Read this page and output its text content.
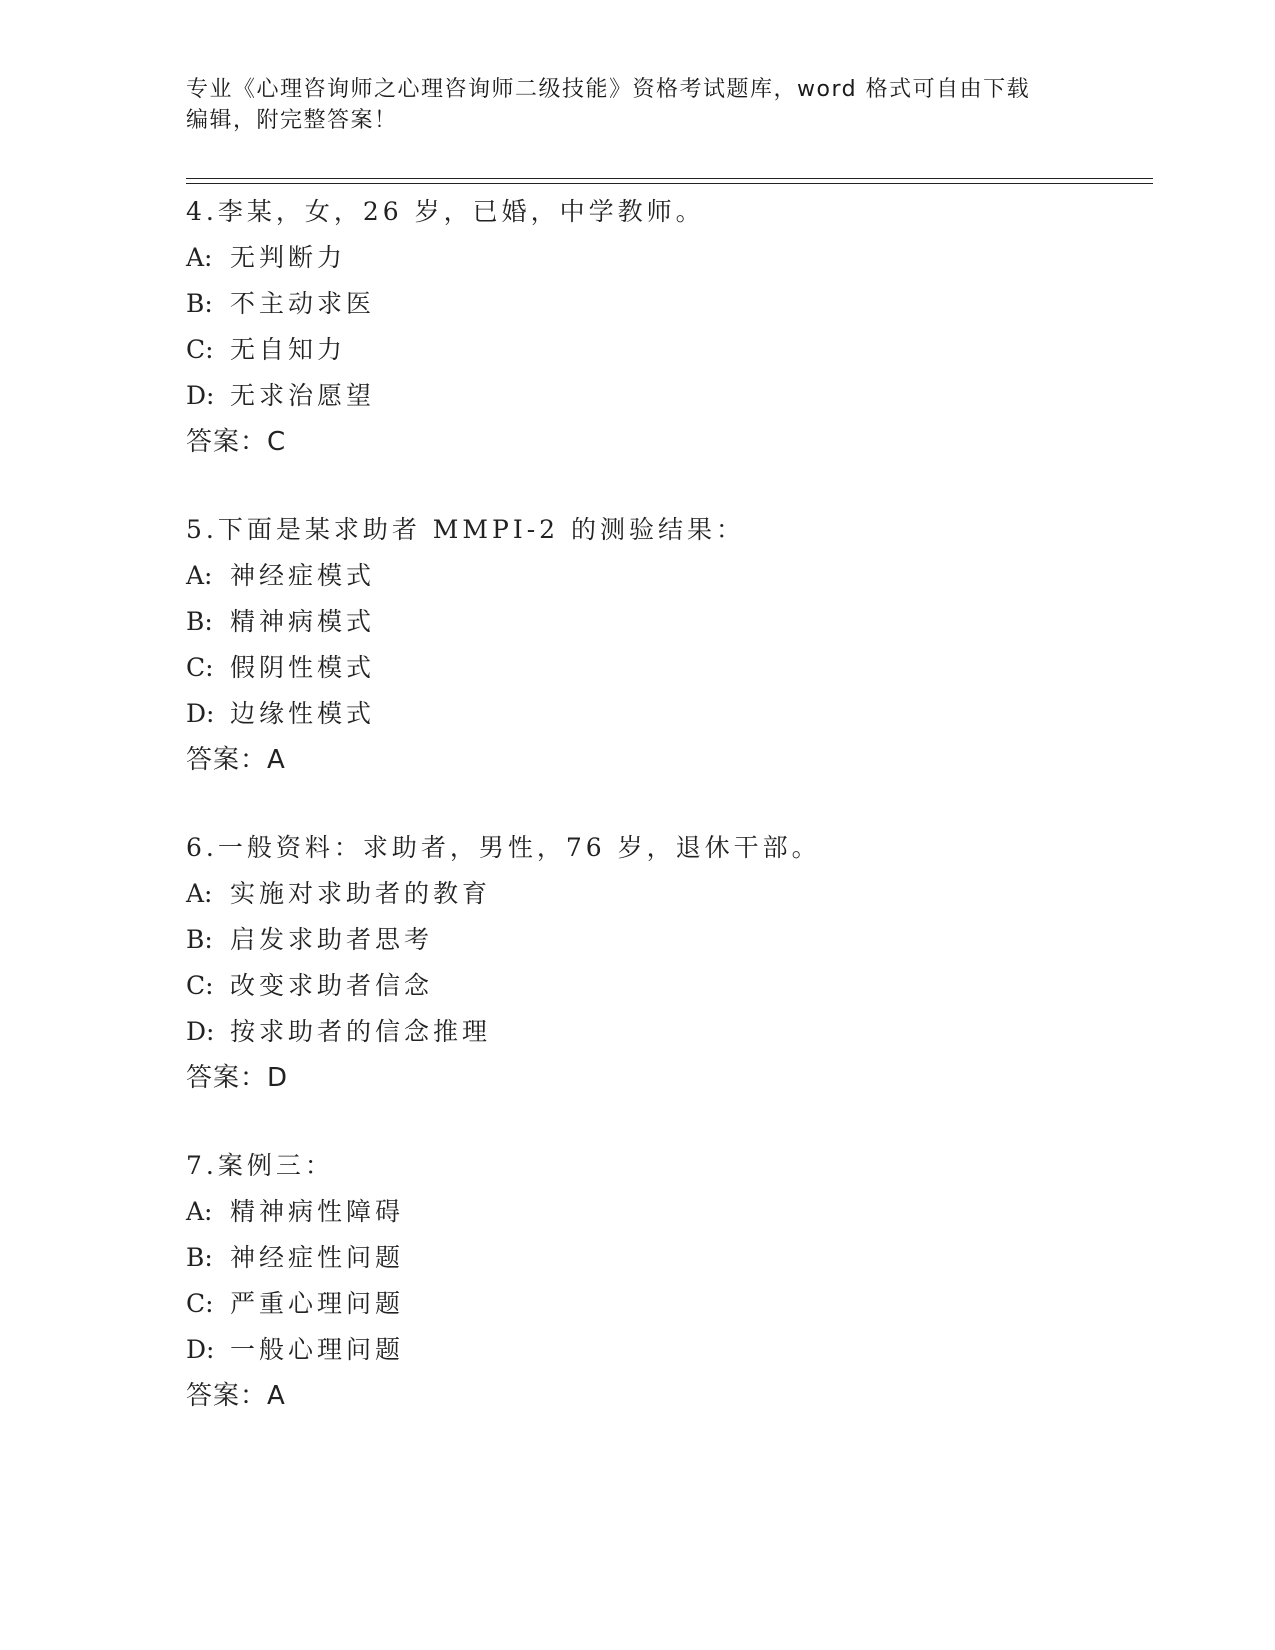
专业《心理咨询师之心理咨询师二级技能》资格考试题库，word 格式可自由下载
编辑，附完整答案！
4.李某，女，26 岁，已婚，中学教师。
A: 无判断力
B: 不主动求医
C: 无自知力
D: 无求治愿望
答案：C
5.下面是某求助者 MMPI-2 的测验结果：
A: 神经症模式
B: 精神病模式
C: 假阴性模式
D: 边缘性模式
答案：A
6.一般资料：求助者，男性，76 岁，退休干部。
A: 实施对求助者的教育
B: 启发求助者思考
C: 改变求助者信念
D: 按求助者的信念推理
答案：D
7.案例三：
A: 精神病性障碍
B: 神经症性问题
C: 严重心理问题
D: 一般心理问题
答案：A
